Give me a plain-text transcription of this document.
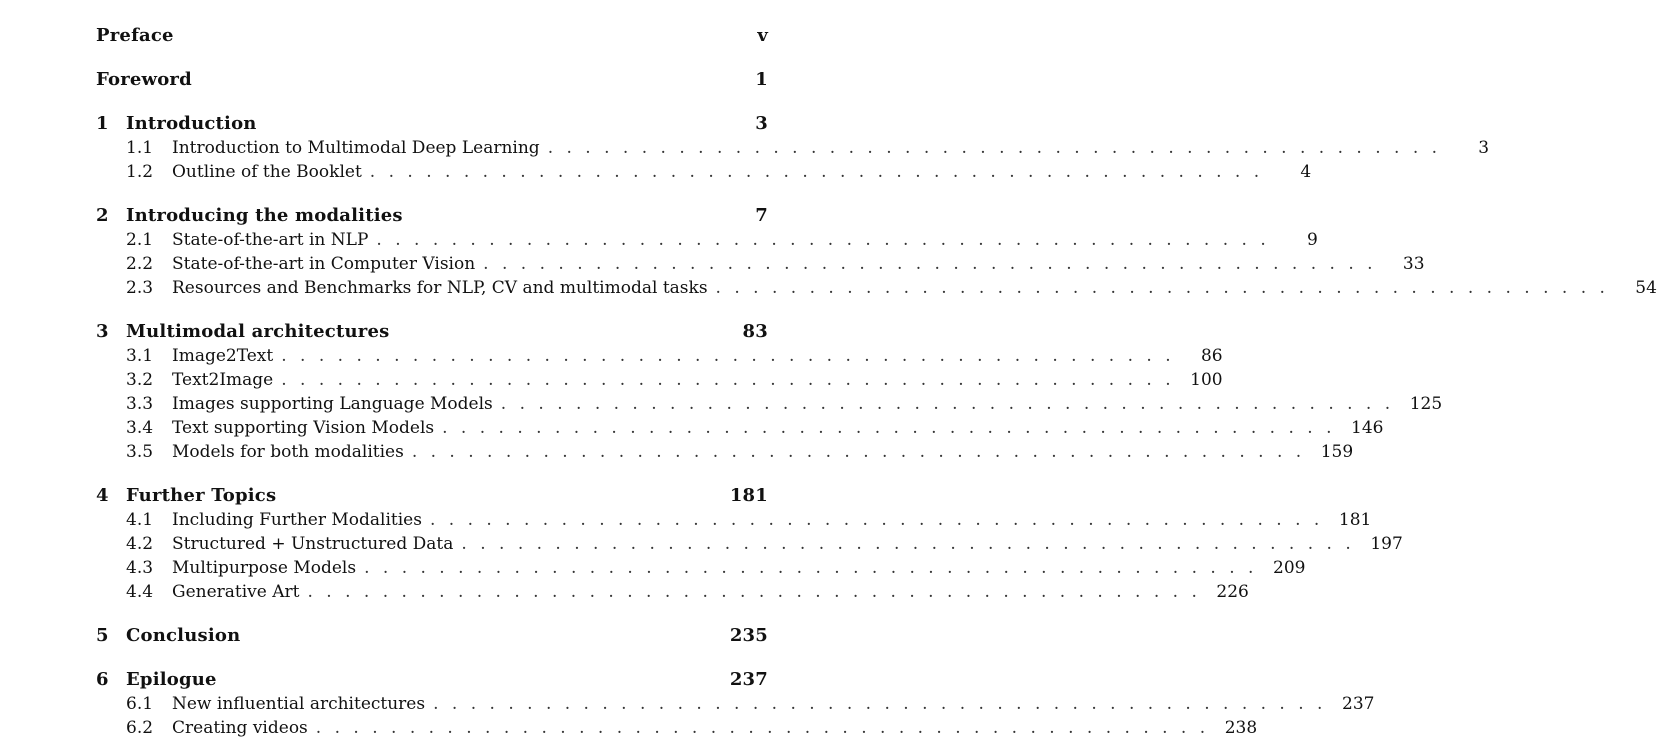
Preface	v
Foreword	1
1 Introduction	3
1.1	Introduction to Multimodal Deep Learning . . . . . . . . . . . . . . . . . . . . . . . . . . . . . . . . . . . . . . . . . . . . . . . .	3
1.2	Outline of the Booklet . . . . . . . . . . . . . . . . . . . . . . . . . . . . . . . . . . . . . . . . . . . . . . . .	4
2 Introducing the modalities	7
2.1	State-of-the-art in NLP . . . . . . . . . . . . . . . . . . . . . . . . . . . . . . . . . . . . . . . . . . . . . . . .	9
2.2	State-of-the-art in Computer Vision . . . . . . . . . . . . . . . . . . . . . . . . . . . . . . . . . . . . . . . . . . . . . . . .	33
2.3	Resources and Benchmarks for NLP, CV and multimodal tasks . . . . . . . . . . . . . . . . . . . . . . . . . . . . . . . . . . . . . . . . . . . . . . . .	54
3 Multimodal architectures	83
3.1	Image2Text . . . . . . . . . . . . . . . . . . . . . . . . . . . . . . . . . . . . . . . . . . . . . . . .	86
3.2	Text2Image . . . . . . . . . . . . . . . . . . . . . . . . . . . . . . . . . . . . . . . . . . . . . . . . 100
3.3	Images supporting Language Models . . . . . . . . . . . . . . . . . . . . . . . . . . . . . . . . . . . . . . . . . . . . . . . . 125
3.4	Text supporting Vision Models . . . . . . . . . . . . . . . . . . . . . . . . . . . . . . . . . . . . . . . . . . . . . . . . 146
3.5	Models for both modalities . . . . . . . . . . . . . . . . . . . . . . . . . . . . . . . . . . . . . . . . . . . . . . . . 159
4 Further Topics	181
4.1	Including Further Modalities . . . . . . . . . . . . . . . . . . . . . . . . . . . . . . . . . . . . . . . . . . . . . . . . 181
4.2	Structured + Unstructured Data . . . . . . . . . . . . . . . . . . . . . . . . . . . . . . . . . . . . . . . . . . . . . . . . 197
4.3	Multipurpose Models . . . . . . . . . . . . . . . . . . . . . . . . . . . . . . . . . . . . . . . . . . . . . . . . 209
4.4	Generative Art . . . . . . . . . . . . . . . . . . . . . . . . . . . . . . . . . . . . . . . . . . . . . . . . 226
5 Conclusion	235
6 Epilogue	237
6.1	New influential architectures . . . . . . . . . . . . . . . . . . . . . . . . . . . . . . . . . . . . . . . . . . . . . . . . 237
6.2	Creating videos . . . . . . . . . . . . . . . . . . . . . . . . . . . . . . . . . . . . . . . . . . . . . . . . 238
